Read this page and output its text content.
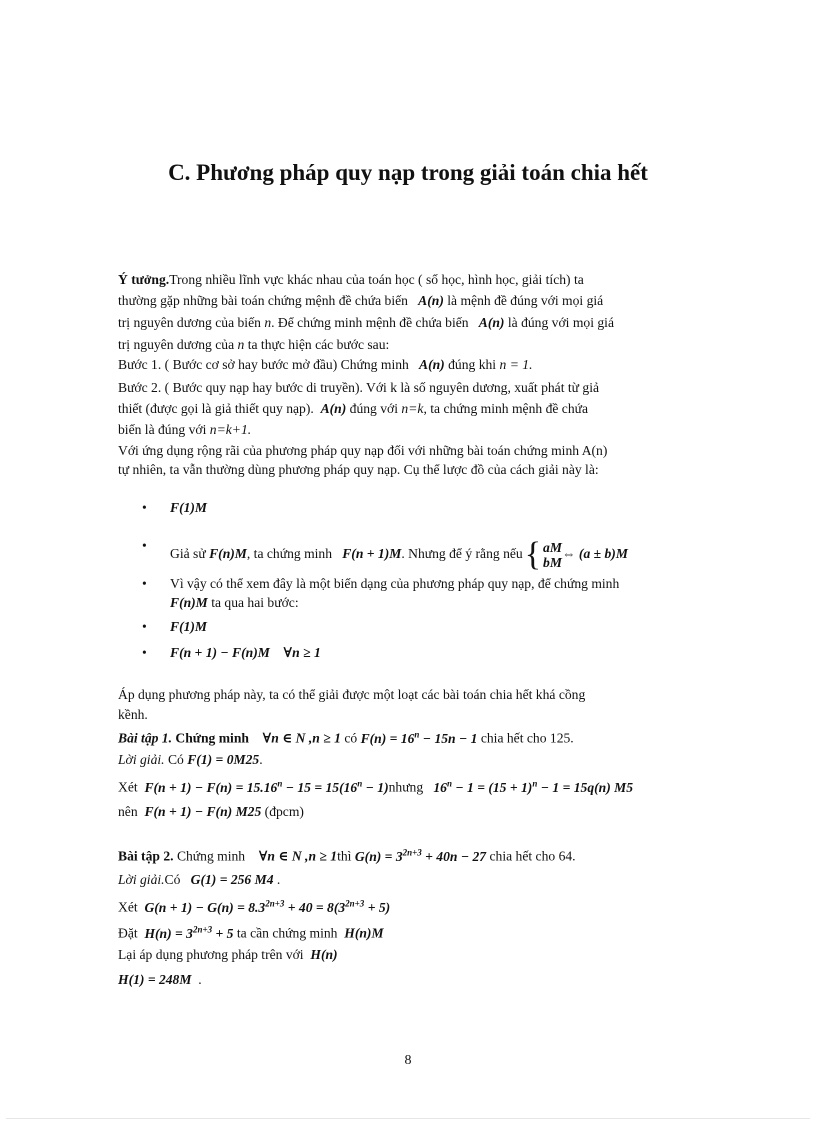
C. Phương pháp quy nạp trong giải toán chia hết
Ý tưởng.Trong nhiều lĩnh vực khác nhau của toán học ( số học, hình học, giải tích) ta
thường gặp những bài toán chứng mệnh đề chứa biến A(n) là mệnh đề đúng với mọi giá
trị nguyên dương của biến n. Để chứng minh mệnh đề chứa biến A(n) là đúng với mọi giá
trị nguyên dương của n ta thực hiện các bước sau:
Bước 1. ( Bước cơ sở hay bước mở đầu) Chứng minh A(n) đúng khi n = 1.
Bước 2. ( Bước quy nạp hay bước di truyền). Với k là số nguyên dương, xuất phát từ giả
thiết (được gọi là giả thiết quy nạp). A(n) đúng với n=k, ta chứng minh mệnh đề chứa
biến là đúng với n=k+1.
Với ứng dụng rộng rãi của phương pháp quy nạp đối với những bài toán chứng minh A(n)
tự nhiên, ta vẫn thường dùng phương pháp quy nạp. Cụ thể lược đồ của cách giải này là:
• F(1)M
•
Giả sử F(n)M, ta chứng minh F(n + 1)M. Nhưng để ý rằng nếu{ aM
bM⇔ (a ± b)M
• Vì vậy có thể xem đây là một biến dạng của phương pháp quy nạp, để chứng minh
F(n)M ta qua hai bước:
• F(1)M
• F(n + 1) − F(n)M ∀n ≥ 1
Áp dụng phương pháp này, ta có thể giải được một loạt các bài toán chia hết khá cồng
kềnh.
Bài tập 1. Chứng minh ∀n ∈ N ,n ≥ 1 có $F(n) = 16^n - 15n - 1$ chia hết cho 125.
Lời giải. Có F(1) = 0M25.
Xét $F(n + 1) - F(n) = 15.16^n - 15 = 15(16^n$ − 1)nhưng $16^n - 1 = (15 + 1)^n - 1 = 15q(n)$ M5
nên F(n + 1) − F(n) M25 (đpcm)
Bài tập 2. Chứng minh ∀n ∈ N ,n ≥ 1thì $G(n) = 3^{2n+3} + 40n - 27$ chia hết cho 64.
Lời giải.Có G(1) = 256 M4 .
Xét $G(n + 1) - G(n) = 8.3^{2n+3} + 40 = 8(3^{2n+3} + 5)$
Đặt $H(n) = 3^{2n+3} + 5$ ta cần chứng minh H(n)M
Lại áp dụng phương pháp trên với H(n)
H(1) = 248M .
8
